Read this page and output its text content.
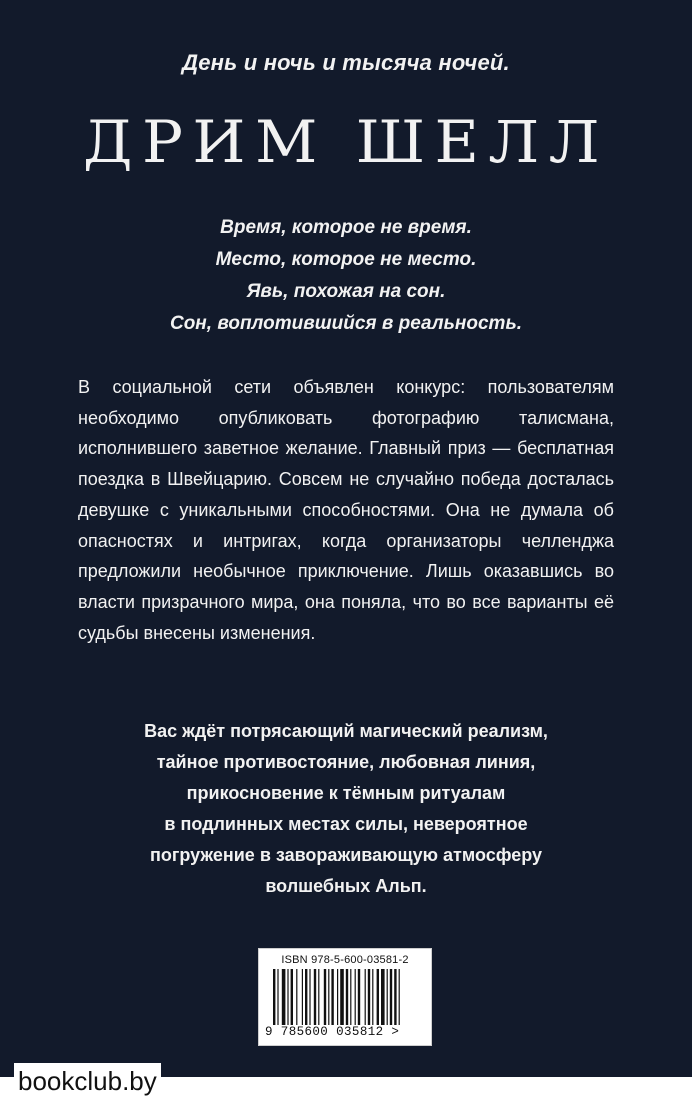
День и ночь и тысяча ночей.
ДРИМ ШЕЛЛ
Время, которое не время.
Место, которое не место.
Явь, похожая на сон.
Сон, воплотившийся в реальность.
В социальной сети объявлен конкурс: пользователям необходимо опубликовать фотографию талисмана, исполнившего заветное желание. Главный приз — бесплатная поездка в Швейцарию. Совсем не случайно победа досталась девушке с уникальными способностями. Она не думала об опасностях и интригах, когда организаторы челленджа предложили необычное приключение. Лишь оказавшись во власти призрачного мира, она поняла, что во все варианты её судьбы внесены изменения.
Вас ждёт потрясающий магический реализм,
тайное противостояние, любовная линия,
прикосновение к тёмным ритуалам
в подлинных местах силы, невероятное
погружение в завораживающую атмосферу
волшебных Альп.
ISBN 978-5-600-03581-2
9 785600 035812 >
bookclub.by
